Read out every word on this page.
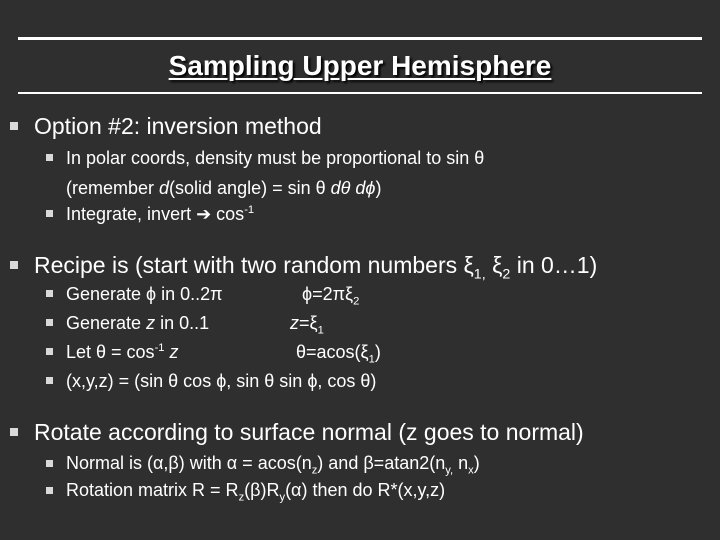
Sampling Upper Hemisphere
Option #2: inversion method
In polar coords, density must be proportional to sin θ
(remember d(solid angle) = sin θ dθ dϕ)
Integrate, invert ➔ $\cos^{-1}$
Recipe is (start with two random numbers $\xi_{1,}$ $\xi_2$ in 0…1)
Generate ϕ in 0..2π	$\phi=2\pi\xi_2$
Generate z in 0..1	$z=\xi_1$
Let $\theta = \cos^{-1} z$	$\theta=acos(\xi_1)$
(x,y,z) = (sin θ cos ϕ, sin θ sin ϕ, cos θ)
Rotate according to surface normal (z goes to normal)
Normal is (α,β) with $\alpha = acos(n_z)$ and $\beta=atan2(n_{y,}$ $n_x$)
Rotation matrix $R = R_z(\beta)R_y(\alpha)$ then do R*(x,y,z)
